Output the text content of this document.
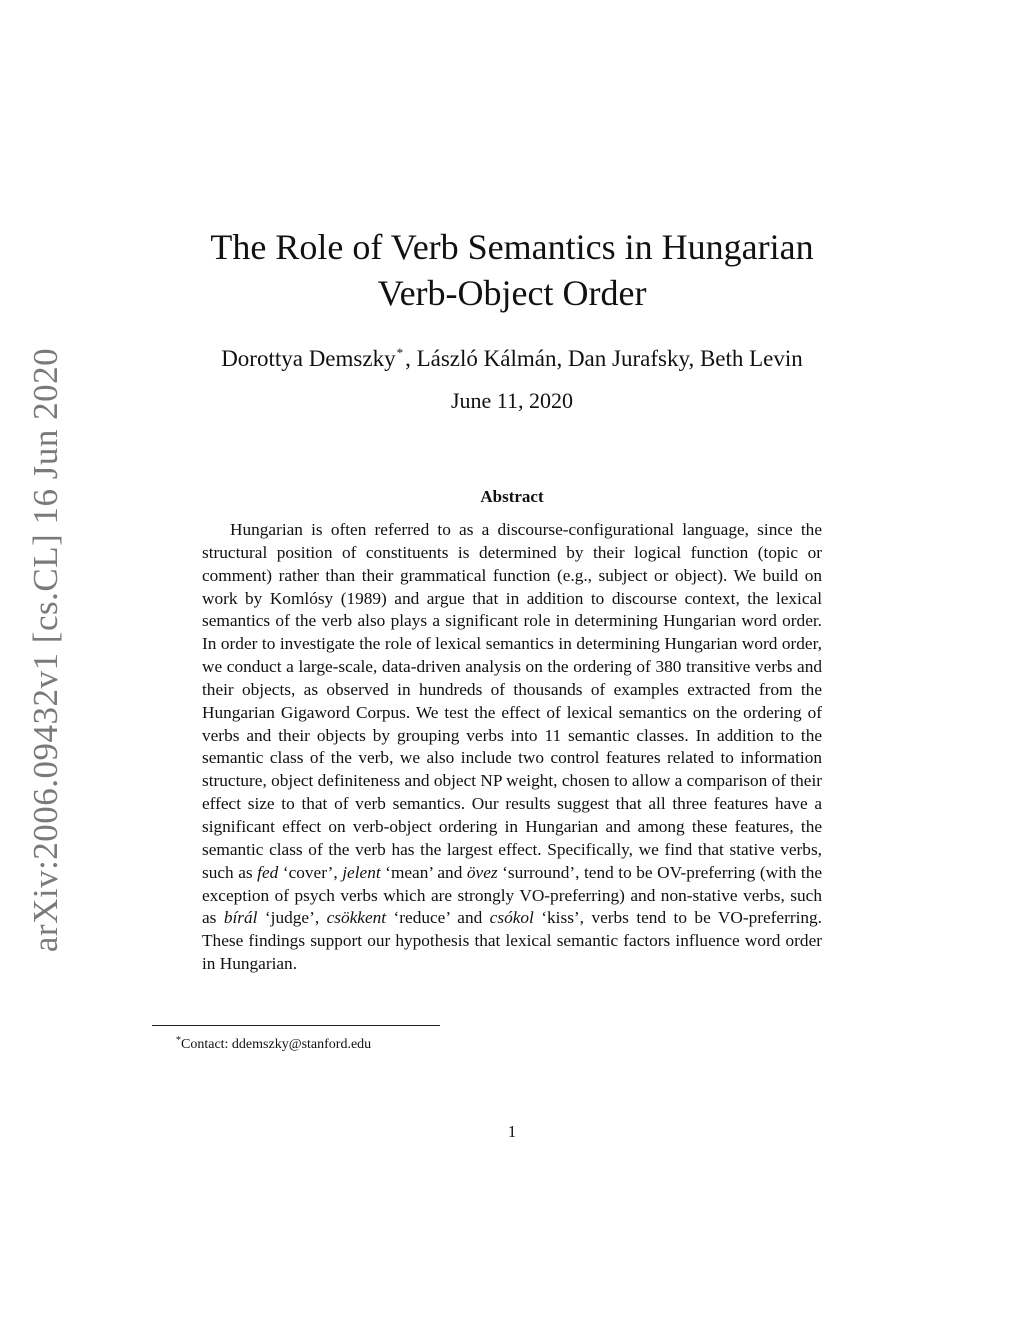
arXiv:2006.09432v1 [cs.CL] 16 Jun 2020
The Role of Verb Semantics in Hungarian
Verb-Object Order
Dorottya Demszky*, László Kálmán, Dan Jurafsky, Beth Levin
June 11, 2020
Abstract

Hungarian is often referred to as a discourse-configurational language, since the structural position of constituents is determined by their logical function (topic or comment) rather than their grammatical function (e.g., subject or object). We build on work by Komlósy (1989) and argue that in addition to discourse context, the lexical semantics of the verb also plays a significant role in determining Hungarian word order. In order to investigate the role of lexical semantics in determining Hungarian word order, we conduct a large-scale, data-driven analysis on the ordering of 380 transitive verbs and their objects, as observed in hundreds of thousands of examples extracted from the Hungarian Gigaword Corpus. We test the effect of lexical semantics on the ordering of verbs and their objects by grouping verbs into 11 semantic classes. In addition to the semantic class of the verb, we also include two control features related to information structure, object definiteness and object NP weight, chosen to allow a comparison of their effect size to that of verb semantics. Our results suggest that all three features have a significant effect on verb-object ordering in Hungarian and among these features, the semantic class of the verb has the largest effect. Specifically, we find that stative verbs, such as fed ‘cover’, jelent ‘mean’ and övez ‘surround’, tend to be OV-preferring (with the exception of psych verbs which are strongly VO-preferring) and non-stative verbs, such as bírál ‘judge’, csökkent ‘reduce’ and csókol ‘kiss’, verbs tend to be VO-preferring. These findings support our hypothesis that lexical semantic factors influence word order in Hungarian.

*Contact: ddemszky@stanford.edu
1
